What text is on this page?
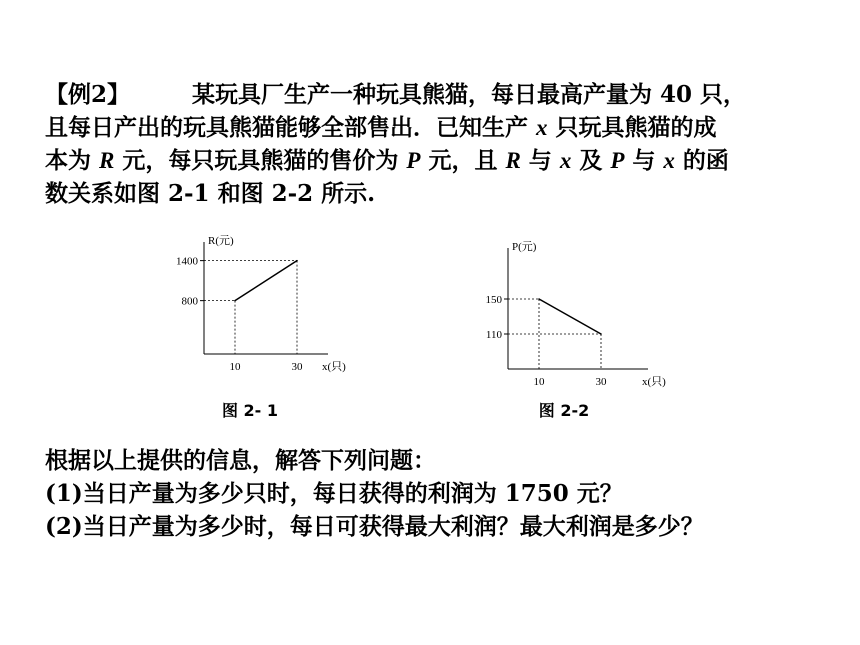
【例2】	某玩具厂生产一种玩具熊猫，每日最高产量为 40 只，
且每日产出的玩具熊猫能够全部售出．已知生产 x 只玩具熊猫的成
本为 R 元，每只玩具熊猫的售价为 P 元，且 R 与 x 及 P 与 x 的函
数关系如图 2-1 和图 2-2 所示.
x(只)
R(元)
800
1400
10	30
图 2- 1
x(只)
P(元)
110
150
10	30
图 2-2
根据以上提供的信息，解答下列问题：
(1)当日产量为多少只时，每日获得的利润为 1750 元？
(2)当日产量为多少时，每日可获得最大利润？最大利润是多少？
